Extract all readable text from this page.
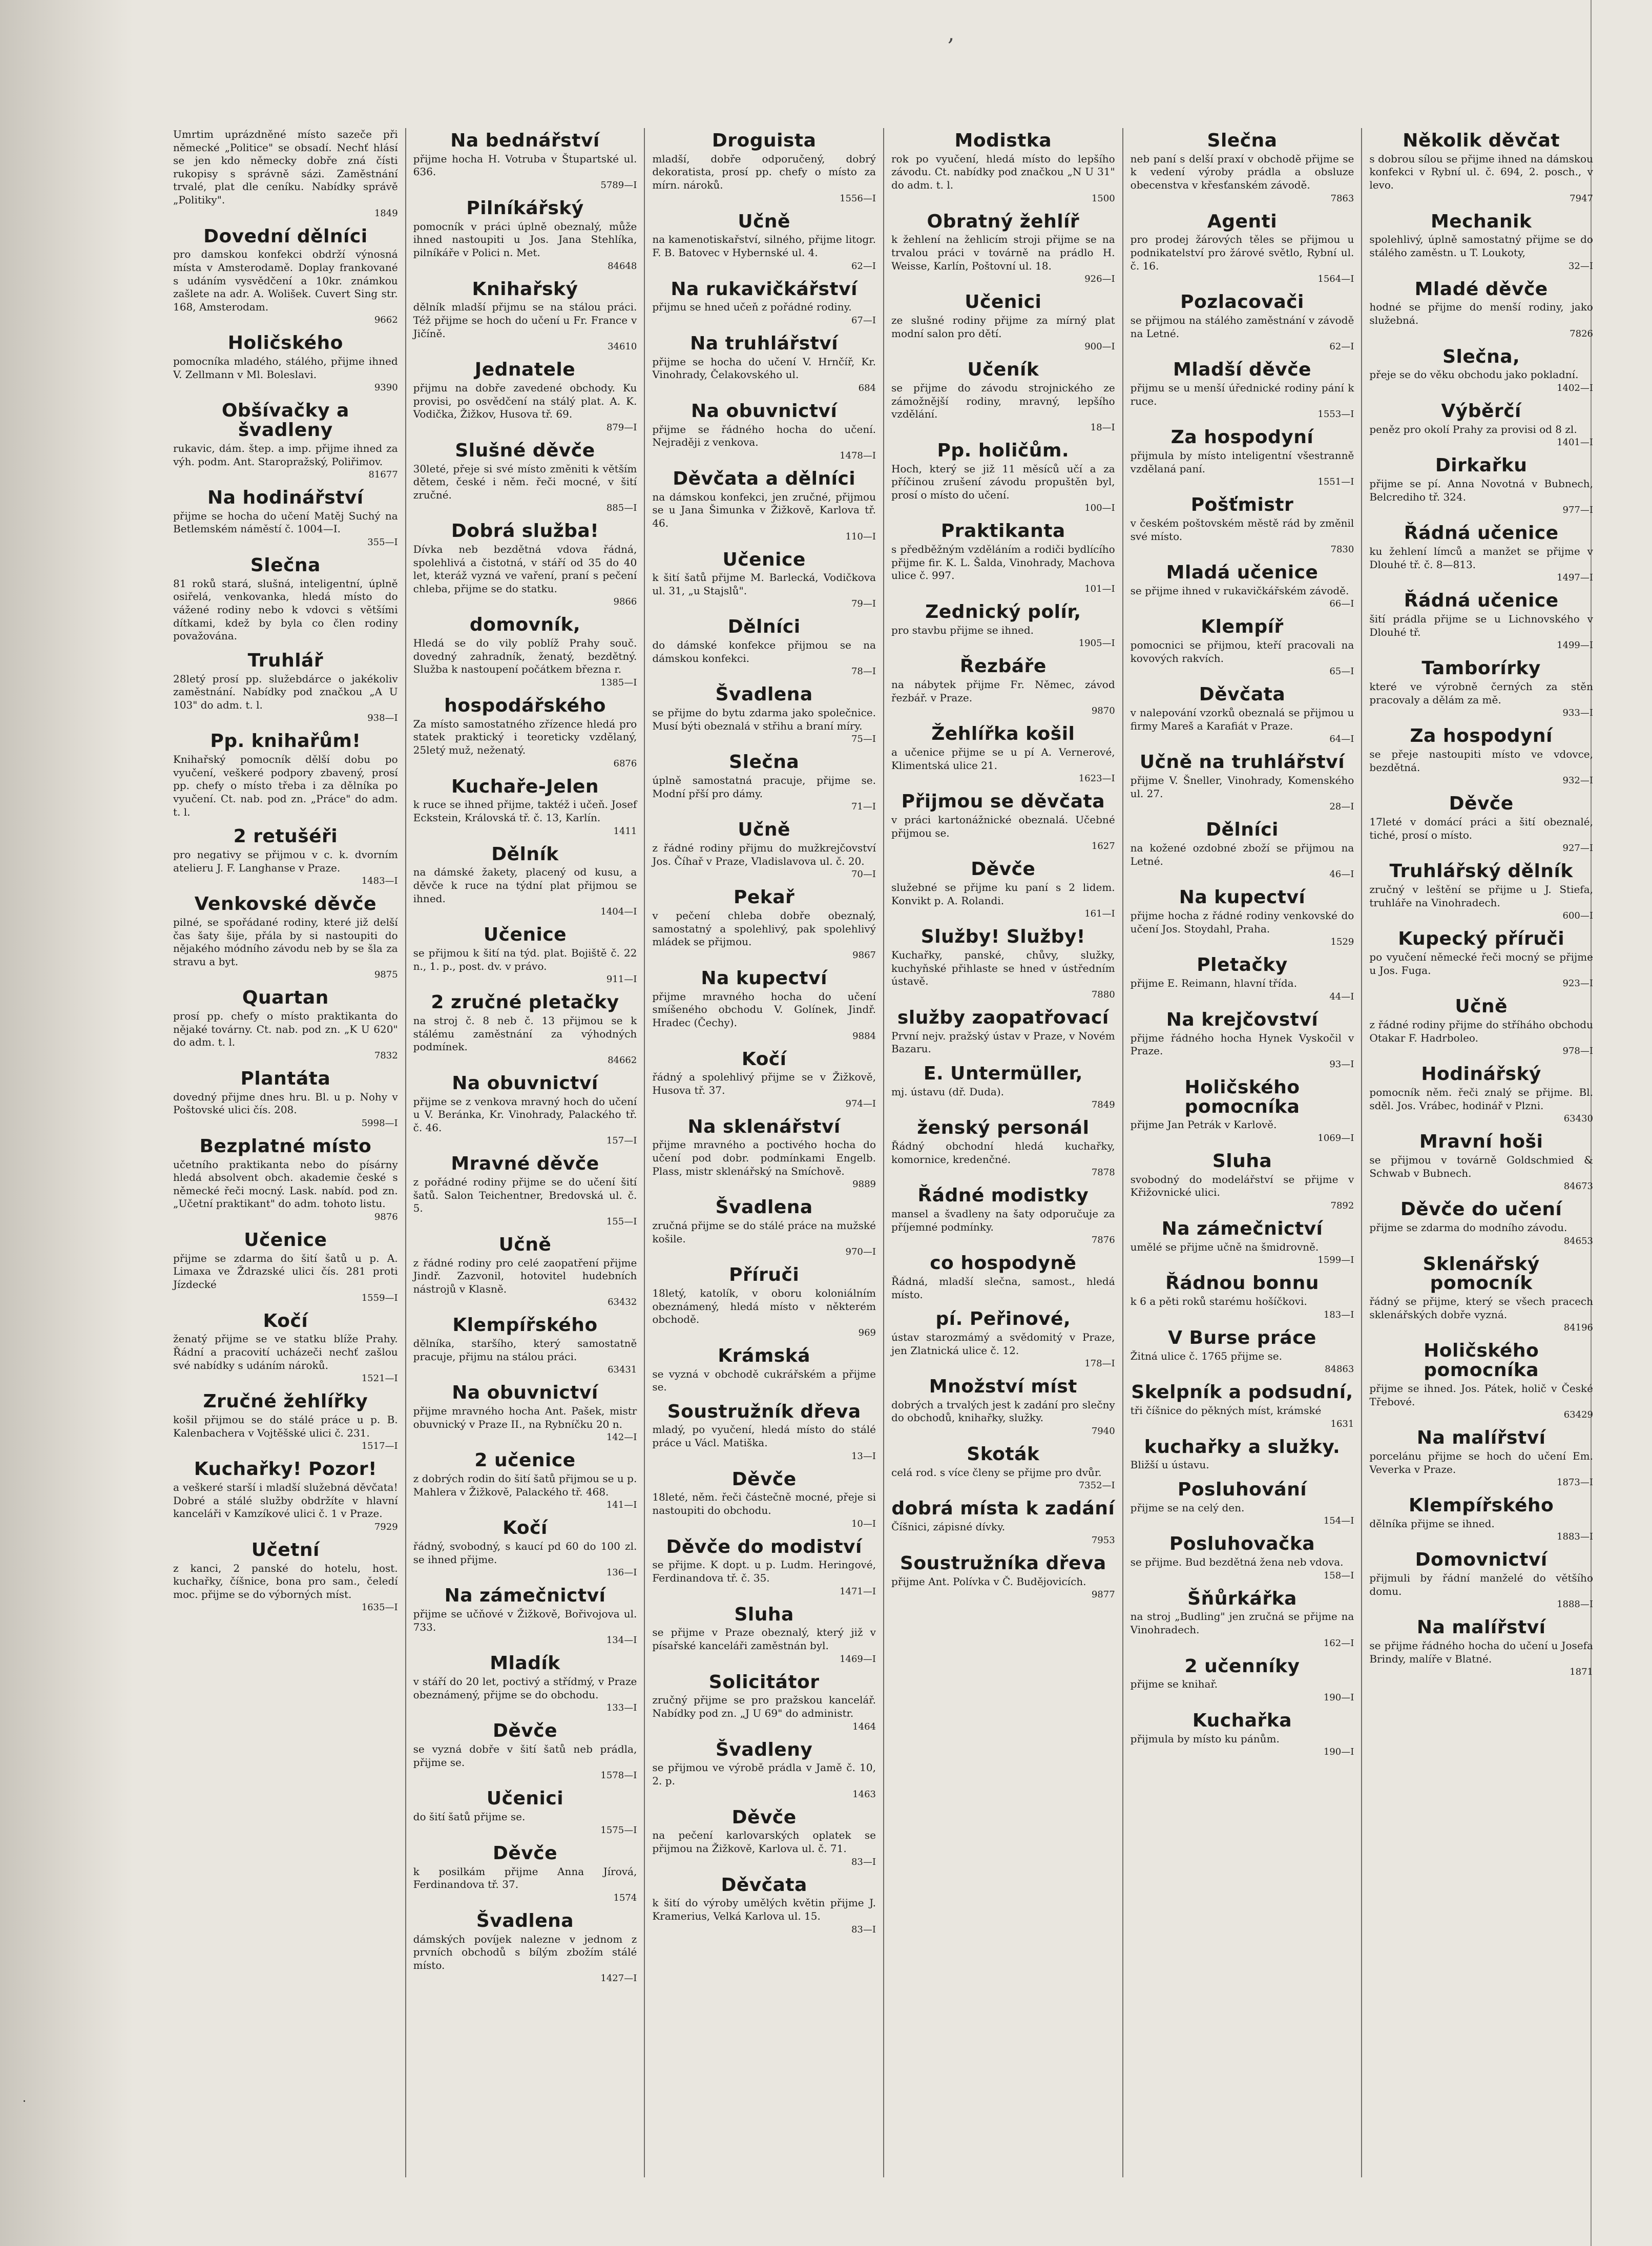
,

Umrtim uprázdněné místo sazeče při německé „Politice" se obsadí. Nechť hlásí se jen kdo německy dobře zná čísti rukopisy s správně sázi. Zaměstnání trvalé, plat dle ceníku. Nabídky správě „Politiky".

1849
Dovední dělníci

pro damskou konfekci obdrží výnosná místa v Amsterodamě. Doplay frankované s udáním vysvědčení a 10kr. známkou zašlete na adr. A. Wolišek. Cuvert Sing str. 168, Amsterodam.

9662
Holičského

pomocníka mladého, stálého, přijme ihned V. Zellmann v Ml. Boleslavi.

9390
Obšívačky a švadleny

rukavic, dám. štep. a imp. přijme ihned za výh. podm. Ant. Staropražský, Poliřimov.

81677
Na hodinářství

přijme se hocha do učení Matěj Suchý na Betlemském náměstí č. 1004—I.

355—I
Slečna

81 roků stará, slušná, inteligentní, úplně osiřelá, venkovanka, hledá místo do vážené rodiny nebo k vdovci s většími dítkami, kdež by byla co člen rodiny považována.

Truhlář

28letý prosí pp. služebdárce o jakékoliv zaměstnání. Nabídky pod značkou „A U 103" do adm. t. l.

938—I
Pp. knihařům!

Knihařský pomocník dělší dobu po vyučení, veškeré podpory zbavený, prosí pp. chefy o místo třeba i za dělníka po vyučení. Ct. nab. pod zn. „Práce" do adm. t. l.

2 retušéři

pro negativy se přijmou v c. k. dvorním atelieru J. F. Langhanse v Praze.

1483—I
Venkovské děvče

pilné, se spořádané rodiny, které již delší čas šaty šije, přála by si nastoupiti do nějakého módního závodu neb by se šla za stravu a byt.

9875
Quartan

prosí pp. chefy o místo praktikanta do nějaké továrny. Ct. nab. pod zn. „K U 620" do adm. t. l.

7832
Plantáta

dovedný přijme dnes hru. Bl. u p. Nohy v Poštovské ulici čís. 208.

5998—I
Bezplatné místo

učetního praktikanta nebo do písárny hledá absolvent obch. akademie české s německé řeči mocný. Lask. nabíd. pod zn. „Učetní praktikant" do adm. tohoto listu.

9876
Učenice

přijme se zdarma do šití šatů u p. A. Limaxa ve Ždrazské ulici čís. 281 proti Jízdecké

1559—I
Kočí

ženatý přijme se ve statku blíže Prahy. Řádní a pracovití ucházeči nechť zašlou své nabídky s udáním nároků.

1521—I
Zručné žehlířky

košil přijmou se do stálé práce u p. B. Kalenbachera v Vojtěšské ulici č. 231.

1517—I
Kuchařky! Pozor!

a veškeré starší i mladší služebná děvčata! Dobré a stálé služby obdržíte v hlavní kanceláři v Kamzíkové ulici č. 1 v Praze.

7929
Učetní

z kanci, 2 panské do hotelu, host. kuchařky, číšnice, bona pro sam., čeledí moc. přijme se do výborných míst.

1635—I
Na bednářství

přijme hocha H. Votruba v Štupartské ul. 636.

5789—I
Pilníkářský

pomocník v práci úplně obeznalý, může ihned nastoupiti u Jos. Jana Stehlíka, pilníkáře v Polici n. Met.

84648
Knihařský

dělník mladší přijmu se na stálou práci. Též přijme se hoch do učení u Fr. France v Jičíně.

34610
Jednatele

přijmu na dobře zavedené obchody. Ku provisi, po osvědčení na stálý plat. A. K. Vodička, Žižkov, Husova tř. 69.

879—I
Slušné děvče

30leté, přeje si své místo změniti k větším dětem, české i něm. řeči mocné, v šití zručné.

885—I
Dobrá služba!

Dívka neb bezdětná vdova řádná, spolehlivá a čistotná, v stáří od 35 do 40 let, kteráž vyzná ve vaření, praní s pečení chleba, přijme se do statku.

9866
domovník,

Hledá se do vily poblíž Prahy souč. dovedný zahradník, ženatý, bezdětný. Služba k nastoupení počátkem března r.

1385—I
hospodářského

Za místo samostatného zřízence hledá pro statek praktický i teoreticky vzdělaný, 25letý muž, neženatý.

6876
Kuchaře-Jelen

k ruce se ihned přijme, taktéž i učeň. Josef Eckstein, Královská tř. č. 13, Karlín.

1411
Dělník

na dámské žakety, placený od kusu, a děvče k ruce na týdní plat přijmou se ihned.

1404—I
Učenice

se přijmou k šití na týd. plat. Bojiště č. 22 n., 1. p., post. dv. v právo.

911—I
2 zručné pletačky

na stroj č. 8 neb č. 13 přijmou se k stálému zaměstnání za výhodných podmínek.

84662
Na obuvnictví

přijme se z venkova mravný hoch do učení u V. Beránka, Kr. Vinohrady, Palackého tř. č. 46.

157—I
Mravné děvče

z pořádné rodiny přijme se do učení šití šatů. Salon Teichentner, Bredovská ul. č. 5.

155—I
Učně

z řádné rodiny pro celé zaopatření přijme Jindř. Zazvonil, hotovitel hudebních nástrojů v Klasně.

63432
Klempířského

dělníka, staršího, který samostatně pracuje, přijmu na stálou práci.

63431
Na obuvnictví

přijme mravného hocha Ant. Pašek, mistr obuvnický v Praze II., na Rybníčku 20 n.

142—I
2 učenice

z dobrých rodin do šití šatů přijmou se u p. Mahlera v Žižkově, Palackého tř. 468.

141—I
Kočí

řádný, svobodný, s kaucí pd 60 do 100 zl. se ihned přijme.

136—I
Na zámečnictví

přijme se učňové v Žižkově, Bořivojova ul. 733.

134—I
Mladík

v stáří do 20 let, poctivý a střídmý, v Praze obeznámený, přijme se do obchodu.

133—I
Děvče

se vyzná dobře v šití šatů neb prádla, přijme se.

1578—I
Učenici

do šití šatů přijme se.

1575—I
Děvče

k posilkám přijme Anna Jírová, Ferdinandova tř. 37.

1574
Švadlena

dámských povíjek nalezne v jednom z prvních obchodů s bílým zbožím stálé místo.

1427—I
Droguista

mladší, dobře odporučený, dobrý dekoratista, prosí pp. chefy o místo za mírn. nároků.

1556—I
Učně

na kamenotiskařství, silného, přijme litogr. F. B. Batovec v Hybernské ul. 4.

62—I
Na rukavičkářství

přijmu se hned učeň z pořádné rodiny.

67—I
Na truhlářství

přijme se hocha do učení V. Hrnčíř, Kr. Vinohrady, Čelakovského ul.

684
Na obuvnictví

přijme se řádného hocha do učení. Nejraději z venkova.

1478—I
Děvčata a dělníci

na dámskou konfekci, jen zručné, přijmou se u Jana Šimunka v Žižkově, Karlova tř. 46.

110—I
Učenice

k šití šatů přijme M. Barlecká, Vodičkova ul. 31, „u Stajslů".

79—I
Dělníci

do dámské konfekce přijmou se na dámskou konfekci.

78—I
Švadlena

se přijme do bytu zdarma jako společnice. Musí býti obeznalá v střihu a braní míry.

75—I
Slečna

úplně samostatná pracuje, přijme se. Modní přší pro dámy.

71—I
Učně

z řádné rodiny přijmu do mužkrejčovství Jos. Číhař v Praze, Vladislavova ul. č. 20.

70—I
Pekař

v pečení chleba dobře obeznalý, samostatný a spolehlivý, pak spolehlivý mládek se přijmou.

9867
Na kupectví

přijme mravného hocha do učení smíšeného obchodu V. Golínek, Jindř. Hradec (Čechy).

9884
Kočí

řádný a spolehlivý přijme se v Žižkově, Husova tř. 37.

974—I
Na sklenářství

přijme mravného a poctivého hocha do učení pod dobr. podmínkami Engelb. Plass, mistr sklenářský na Smíchově.

9889
Švadlena

zručná přijme se do stálé práce na mužské košile.

970—I
Příruči

18letý, katolík, v oboru koloniálním obeznámený, hledá místo v některém obchodě.

969
Krámská

se vyzná v obchodě cukrářském a přijme se.

Soustružník dřeva

mladý, po vyučení, hledá místo do stálé práce u Václ. Matiška.

13—I
Děvče

18leté, něm. řeči částečně mocné, přeje si nastoupiti do obchodu.

10—I
Děvče do modiství

se přijme. K dopt. u p. Ludm. Heringové, Ferdinandova tř. č. 35.

1471—I
Sluha

se přijme v Praze obeznalý, který již v písařské kanceláři zaměstnán byl.

1469—I
Solicitátor

zručný přijme se pro pražskou kancelář. Nabídky pod zn. „J U 69" do administr.

1464
Švadleny

se přijmou ve výrobě prádla v Jamě č. 10, 2. p.

1463
Děvče

na pečení karlovarských oplatek se přijmou na Žižkově, Karlova ul. č. 71.

83—I
Děvčata

k šití do výroby umělých květin přijme J. Kramerius, Velká Karlova ul. 15.

83—I
Modistka

rok po vyučení, hledá místo do lepšího závodu. Ct. nabídky pod značkou „N U 31" do adm. t. l.

1500
Obratný žehlíř

k žehlení na žehlicím stroji přijme se na trvalou práci v továrně na prádlo H. Weisse, Karlín, Poštovní ul. 18.

926—I
Učenici

ze slušné rodiny přijme za mírný plat modní salon pro dětí.

900—I
Učeník

se přijme do závodu strojnického ze zámožnější rodiny, mravný, lepšího vzdělání.

18—I
Pp. holičům.

Hoch, který se již 11 měsíců učí a za příčinou zrušení závodu propuštěn byl, prosí o místo do učení.

100—I
Praktikanta

s předběžným vzděláním a rodiči bydlícího přijme fir. K. L. Šalda, Vinohrady, Machova ulice č. 997.

101—I
Zednický polír,

pro stavbu přijme se ihned.

1905—I
Řezbáře

na nábytek přijme Fr. Němec, závod řezbář. v Praze.

9870
Žehlířka košil

a učenice přijme se u pí A. Vernerové, Klimentská ulice 21.

1623—I
Přijmou se děvčata

v práci kartonážnické obeznalá. Učebné přijmou se.

1627
Děvče

služebné se přijme ku paní s 2 lidem. Konvikt p. A. Rolandi.

161—I
Služby! Služby!

Kuchařky, panské, chůvy, služky, kuchyňské přihlaste se hned v ústředním ústavě.

7880
služby zaopatřovací

První nejv. pražský ústav v Praze, v Novém Bazaru.

E. Untermüller,

mj. ústavu (dř. Duda).

7849
ženský personál

Řádný obchodní hledá kuchařky, komornice, kredenčné.

7878
Řádné modistky

mansel a švadleny na šaty odporučuje za příjemné podmínky.

7876
co hospodyně

Řádná, mladší slečna, samost., hledá místo.

pí. Peřinové,

ústav starozmámý a svědomitý v Praze, jen Zlatnická ulice č. 12.

178—I
Množství míst

dobrých a trvalých jest k zadání pro slečny do obchodů, knihařky, služky.

7940
Skoták

celá rod. s více členy se přijme pro dvůr.

7352—I
dobrá místa k zadání

Číšnici, zápisné dívky.

7953
Soustružníka dřeva

přijme Ant. Polívka v Č. Budějovicích.

9877
Slečna

neb paní s delší praxí v obchodě přijme se k vedení výroby prádla a obsluze obecenstva v křesťanském závodě.

7863
Agenti

pro prodej žárových těles se přijmou u podnikatelství pro žárové světlo, Rybní ul. č. 16.

1564—I
Pozlacovači

se přijmou na stálého zaměstnání v závodě na Letné.

62—I
Mladší děvče

přijmu se u menší úřednické rodiny pání k ruce.

1553—I
Za hospodyní

přijmula by místo inteligentní všestranně vzdělaná paní.

1551—I
Pošťmistr

v českém poštovském městě rád by změnil své místo.

7830
Mladá učenice

se přijme ihned v rukavičkářském závodě.

66—I
Klempíř

pomocnici se přijmou, kteří pracovali na kovových rakvích.

65—I
Děvčata

v nalepování vzorků obeznalá se přijmou u firmy Mareš a Karafiát v Praze.

64—I
Učně na truhlářství

přijme V. Šneller, Vinohrady, Komenského ul. 27.

28—I
Dělníci

na kožené ozdobné zboží se přijmou na Letné.

46—I
Na kupectví

přijme hocha z řádné rodiny venkovské do učení Jos. Stoydahl, Praha.

1529
Pletačky

přijme E. Reimann, hlavní třída.

44—I
Na krejčovství

přijme řádného hocha Hynek Vyskočil v Praze.

93—I
Holičského pomocníka

přijme Jan Petrák v Karlově.

1069—I
Sluha

svobodný do modelářství se přijme v Křižovnické ulici.

7892
Na zámečnictví

umělé se přijme učně na šmidrovně.

1599—I
Řádnou bonnu

k 6 a pěti roků starému hošíčkovi.

183—I
V Burse práce

Žitná ulice č. 1765 přijme se.

84863
Skelpník a podsudní,

tři číšnice do pěkných míst, krámské

1631
kuchařky a služky.

Bližší u ústavu.

Posluhování

přijme se na celý den.

154—I
Posluhovačka

se přijme. Bud bezdětná žena neb vdova.

158—I
Šňůrkářka

na stroj „Budling" jen zručná se přijme na Vinohradech.

162—I
2 učenníky

přijme se knihař.

190—I
Kuchařka

přijmula by místo ku pánům.

190—I
Několik děvčat

s dobrou sílou se přijme ihned na dámskou konfekci v Rybní ul. č. 694, 2. posch., v levo.

7947
Mechanik

spolehlivý, úplně samostatný přijme se do stálého zaměstn. u T. Loukoty,

32—I
Mladé děvče

hodné se přijme do menší rodiny, jako služebná.

7826
Slečna,

přeje se do věku obchodu jako pokladní.

1402—I
Výběrčí

peněz pro okolí Prahy za provisi od 8 zl.

1401—I
Dirkařku

přijme se pí. Anna Novotná v Bubnech, Belcrediho tř. 324.

977—I
Řádná učenice

ku žehlení límců a manžet se přijme v Dlouhé tř. č. 8—813.

1497—I
Řádná učenice

šití prádla přijme se u Lichnovského v Dlouhé tř.

1499—I
Tamborírky

které ve výrobně černých za stěn pracovaly a dělám za mě.

933—I
Za hospodyní

se přeje nastoupiti místo ve vdovce, bezdětná.

932—I
Děvče

17leté v domácí práci a šití obeznalé, tiché, prosí o místo.

927—I
Truhlářský dělník

zručný v leštění se přijme u J. Stiefa, truhláře na Vinohradech.

600—I
Kupecký příruči

po vyučení německé řeči mocný se přijme u Jos. Fuga.

923—I
Učně

z řádné rodiny přijme do stříháho obchodu Otakar F. Hadrboleo.

978—I
Hodinářský

pomocník něm. řeči znalý se přijme. Bl. sděl. Jos. Vrábec, hodinář v Plzni.

63430
Mravní hoši

se přijmou v továrně Goldschmied & Schwab v Bubnech.

84673
Děvče do učení

přijme se zdarma do modního závodu.

84653
Sklenářský pomocník

řádný se přijme, který se všech pracech sklenářských dobře vyzná.

84196
Holičského pomocníka

přijme se ihned. Jos. Pátek, holič v České Třebové.

63429
Na malířství

porcelánu přijme se hoch do učení Em. Veverka v Praze.

1873—I
Klempířského

dělníka přijme se ihned.

1883—I
Domovnictví

přijmuli by řádní manželé do většího domu.

1888—I
Na malířství

se přijme řádného hocha do učení u Josefa Brindy, malíře v Blatné.

1871
·
